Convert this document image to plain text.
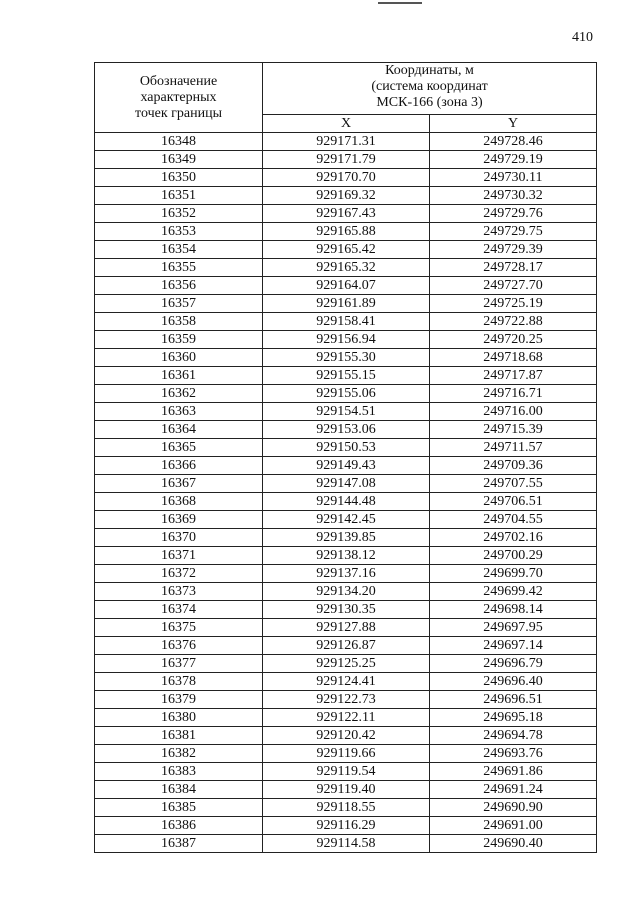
410
Обозначение
характерных
точек границы	Координаты, м
(система координат
МСК-166 (зона 3)	

	X	Y
16348	929171.31	249728.46
16349	929171.79	249729.19
16350	929170.70	249730.11
16351	929169.32	249730.32
16352	929167.43	249729.76
16353	929165.88	249729.75
16354	929165.42	249729.39
16355	929165.32	249728.17
16356	929164.07	249727.70
16357	929161.89	249725.19
16358	929158.41	249722.88
16359	929156.94	249720.25
16360	929155.30	249718.68
16361	929155.15	249717.87
16362	929155.06	249716.71
16363	929154.51	249716.00
16364	929153.06	249715.39
16365	929150.53	249711.57
16366	929149.43	249709.36
16367	929147.08	249707.55
16368	929144.48	249706.51
16369	929142.45	249704.55
16370	929139.85	249702.16
16371	929138.12	249700.29
16372	929137.16	249699.70
16373	929134.20	249699.42
16374	929130.35	249698.14
16375	929127.88	249697.95
16376	929126.87	249697.14
16377	929125.25	249696.79
16378	929124.41	249696.40
16379	929122.73	249696.51
16380	929122.11	249695.18
16381	929120.42	249694.78
16382	929119.66	249693.76
16383	929119.54	249691.86
16384	929119.40	249691.24
16385	929118.55	249690.90
16386	929116.29	249691.00
16387	929114.58	249690.40
